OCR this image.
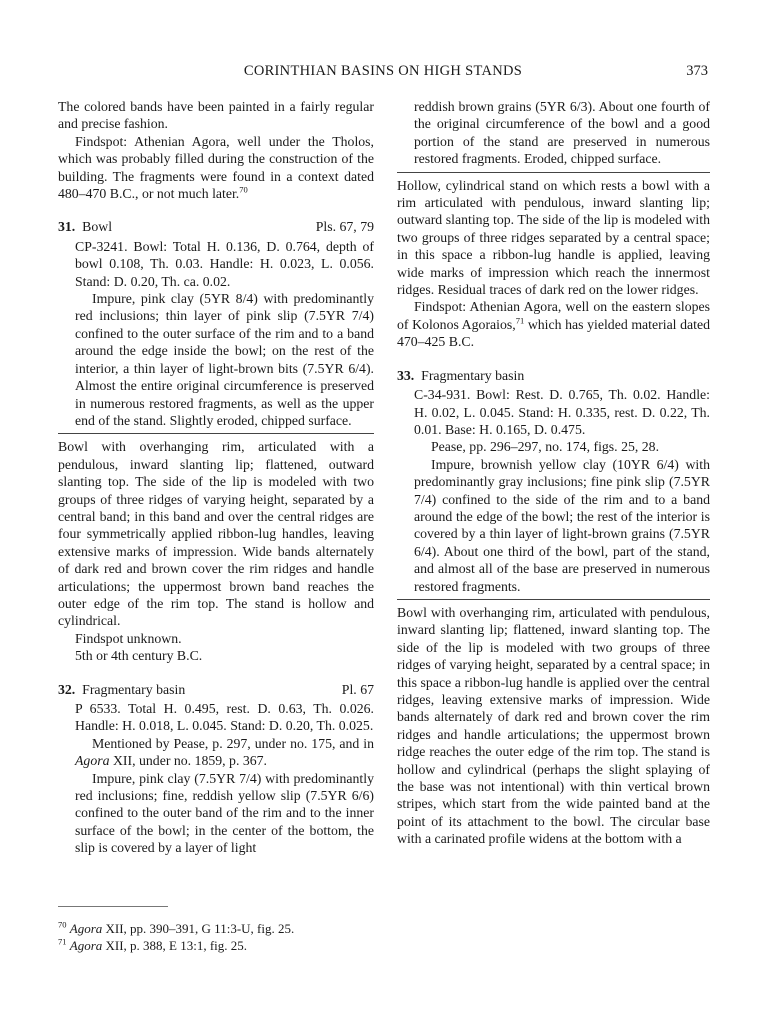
CORINTHIAN BASINS ON HIGH STANDS	373

The colored bands have been painted in a fairly regular and precise fashion.

Findspot: Athenian Agora, well under the Tholos, which was probably filled during the construction of the building. The fragments were found in a context dated 480–470 B.C., or not much later.$^{70}$

31. Bowl	Pls. 67, 79

CP-3241. Bowl: Total H. 0.136, D. 0.764, depth of bowl 0.108, Th. 0.03. Handle: H. 0.023, L. 0.056. Stand: D. 0.20, Th. ca. 0.02.

Impure, pink clay (5YR 8/4) with predominantly red inclusions; thin layer of pink slip (7.5YR 7/4) confined to the outer surface of the rim and to a band around the edge inside the bowl; on the rest of the interior, a thin layer of light-brown bits (7.5YR 6/4). Almost the entire original circumference is preserved in numerous restored fragments, as well as the upper end of the stand. Slightly eroded, chipped surface.

Bowl with overhanging rim, articulated with a pendulous, inward slanting lip; flattened, outward slanting top. The side of the lip is modeled with two groups of three ridges of varying height, separated by a central band; in this band and over the central ridges are four symmetrically applied ribbon-lug handles, leaving extensive marks of impression. Wide bands alternately of dark red and brown cover the rim ridges and handle articulations; the uppermost brown band reaches the outer edge of the rim top. The stand is hollow and cylindrical.

Findspot unknown.

5th or 4th century B.C.

32. Fragmentary basin	Pl. 67

P 6533. Total H. 0.495, rest. D. 0.63, Th. 0.026. Handle: H. 0.018, L. 0.045. Stand: D. 0.20, Th. 0.025.

Mentioned by Pease, p. 297, under no. 175, and in Agora XII, under no. 1859, p. 367.

Impure, pink clay (7.5YR 7/4) with predominantly red inclusions; fine, reddish yellow slip (7.5YR 6/6) confined to the outer band of the rim and to the inner surface of the bowl; in the center of the bottom, the slip is covered by a layer of light

reddish brown grains (5YR 6/3). About one fourth of the original circumference of the bowl and a good portion of the stand are preserved in numerous restored fragments. Eroded, chipped surface.

Hollow, cylindrical stand on which rests a bowl with a rim articulated with pendulous, inward slanting lip; outward slanting top. The side of the lip is modeled with two groups of three ridges separated by a central space; in this space a ribbon-lug handle is applied, leaving wide marks of impression which reach the innermost ridges. Residual traces of dark red on the lower ridges.

Findspot: Athenian Agora, well on the eastern slopes of Kolonos Agoraios,$^{71}$ which has yielded material dated 470–425 B.C.

33. Fragmentary basin

C-34-931. Bowl: Rest. D. 0.765, Th. 0.02. Handle: H. 0.02, L. 0.045. Stand: H. 0.335, rest. D. 0.22, Th. 0.01. Base: H. 0.165, D. 0.475.

Pease, pp. 296–297, no. 174, figs. 25, 28.

Impure, brownish yellow clay (10YR 6/4) with predominantly gray inclusions; fine pink slip (7.5YR 7/4) confined to the side of the rim and to a band around the edge of the bowl; the rest of the interior is covered by a thin layer of light-brown grains (7.5YR 6/4). About one third of the bowl, part of the stand, and almost all of the base are preserved in numerous restored fragments.

Bowl with overhanging rim, articulated with pendulous, inward slanting lip; flattened, inward slanting top. The side of the lip is modeled with two groups of three ridges of varying height, separated by a central space; in this space a ribbon-lug handle is applied over the central ridges, leaving extensive marks of impression. Wide bands alternately of dark red and brown cover the rim ridges and handle articulations; the uppermost brown ridge reaches the outer edge of the rim top. The stand is hollow and cylindrical (perhaps the slight splaying of the base was not intentional) with thin vertical brown stripes, which start from the wide painted band at the point of its attachment to the bowl. The circular base with a carinated profile widens at the bottom with a

$^{70}$ Agora XII, pp. 390–391, G 11:3-U, fig. 25.

$^{71}$ Agora XII, p. 388, E 13:1, fig. 25.
